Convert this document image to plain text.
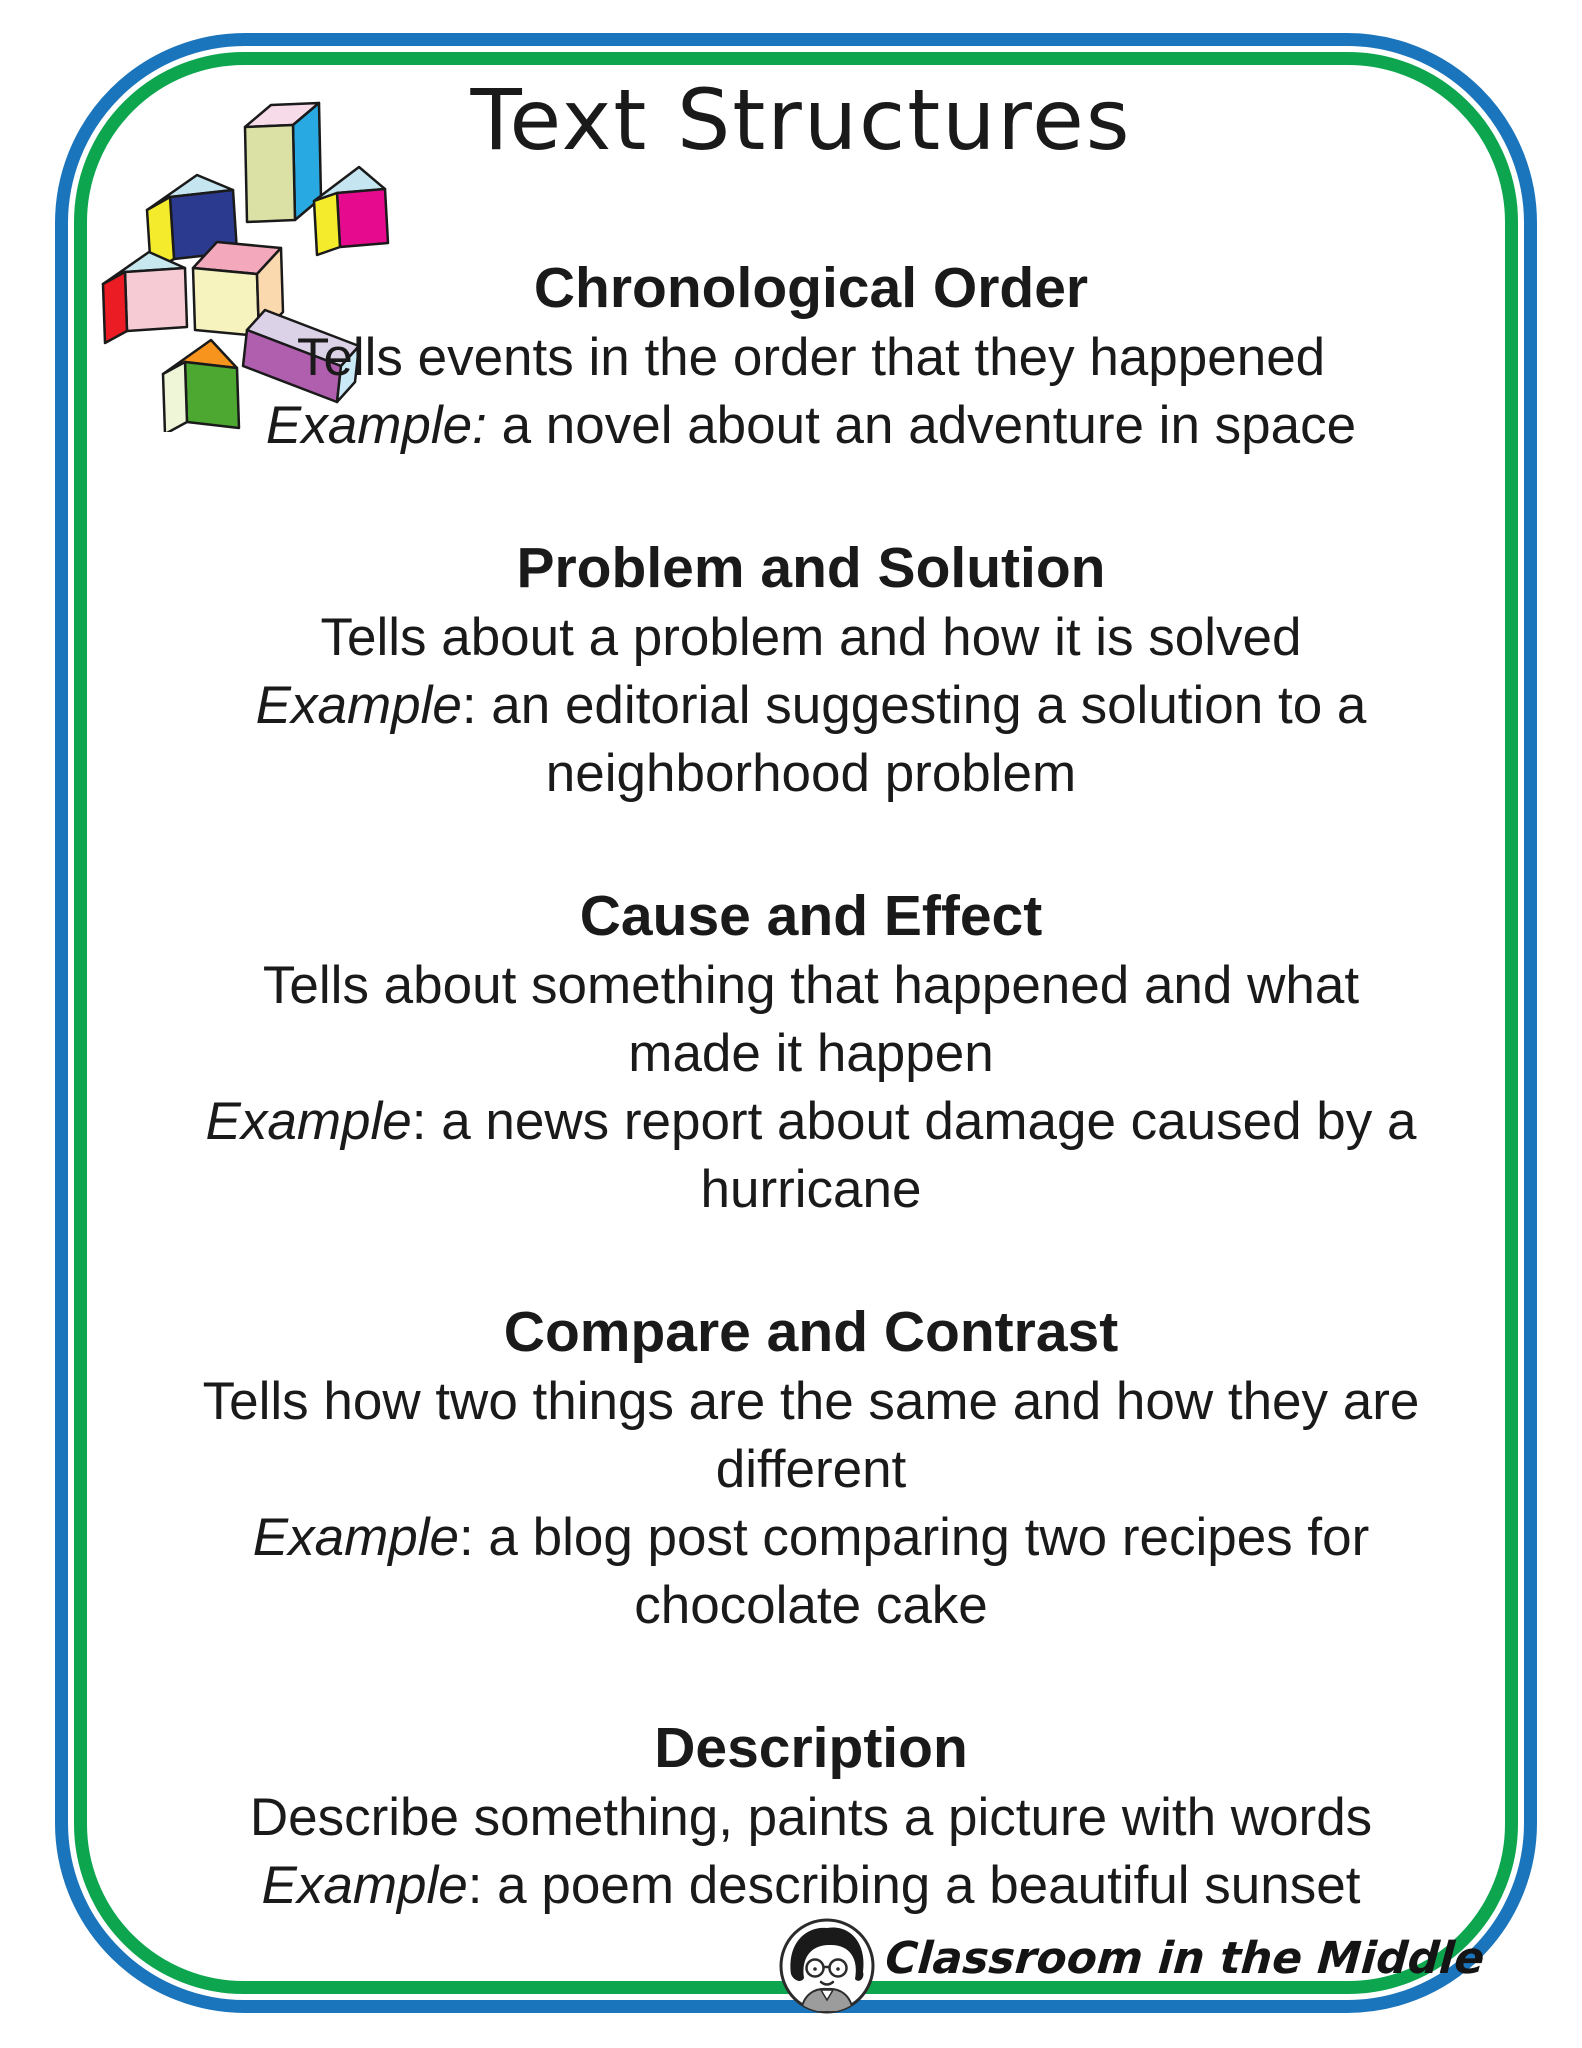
Text Structures
Chronological Order
Tells events in the order that they happened
Example: a novel about an adventure in space
Problem and Solution
Tells about a problem and how it is solved
Example: an editorial suggesting a solution to a
neighborhood problem
Cause and Effect
Tells about something that happened and what
made it happen
Example: a news report about damage caused by a
hurricane
Compare and Contrast
Tells how two things are the same and how they are
different
Example: a blog post comparing two recipes for
chocolate cake
Description
Describe something, paints a picture with words
Example: a poem describing a beautiful sunset
Classroom in the Middle
